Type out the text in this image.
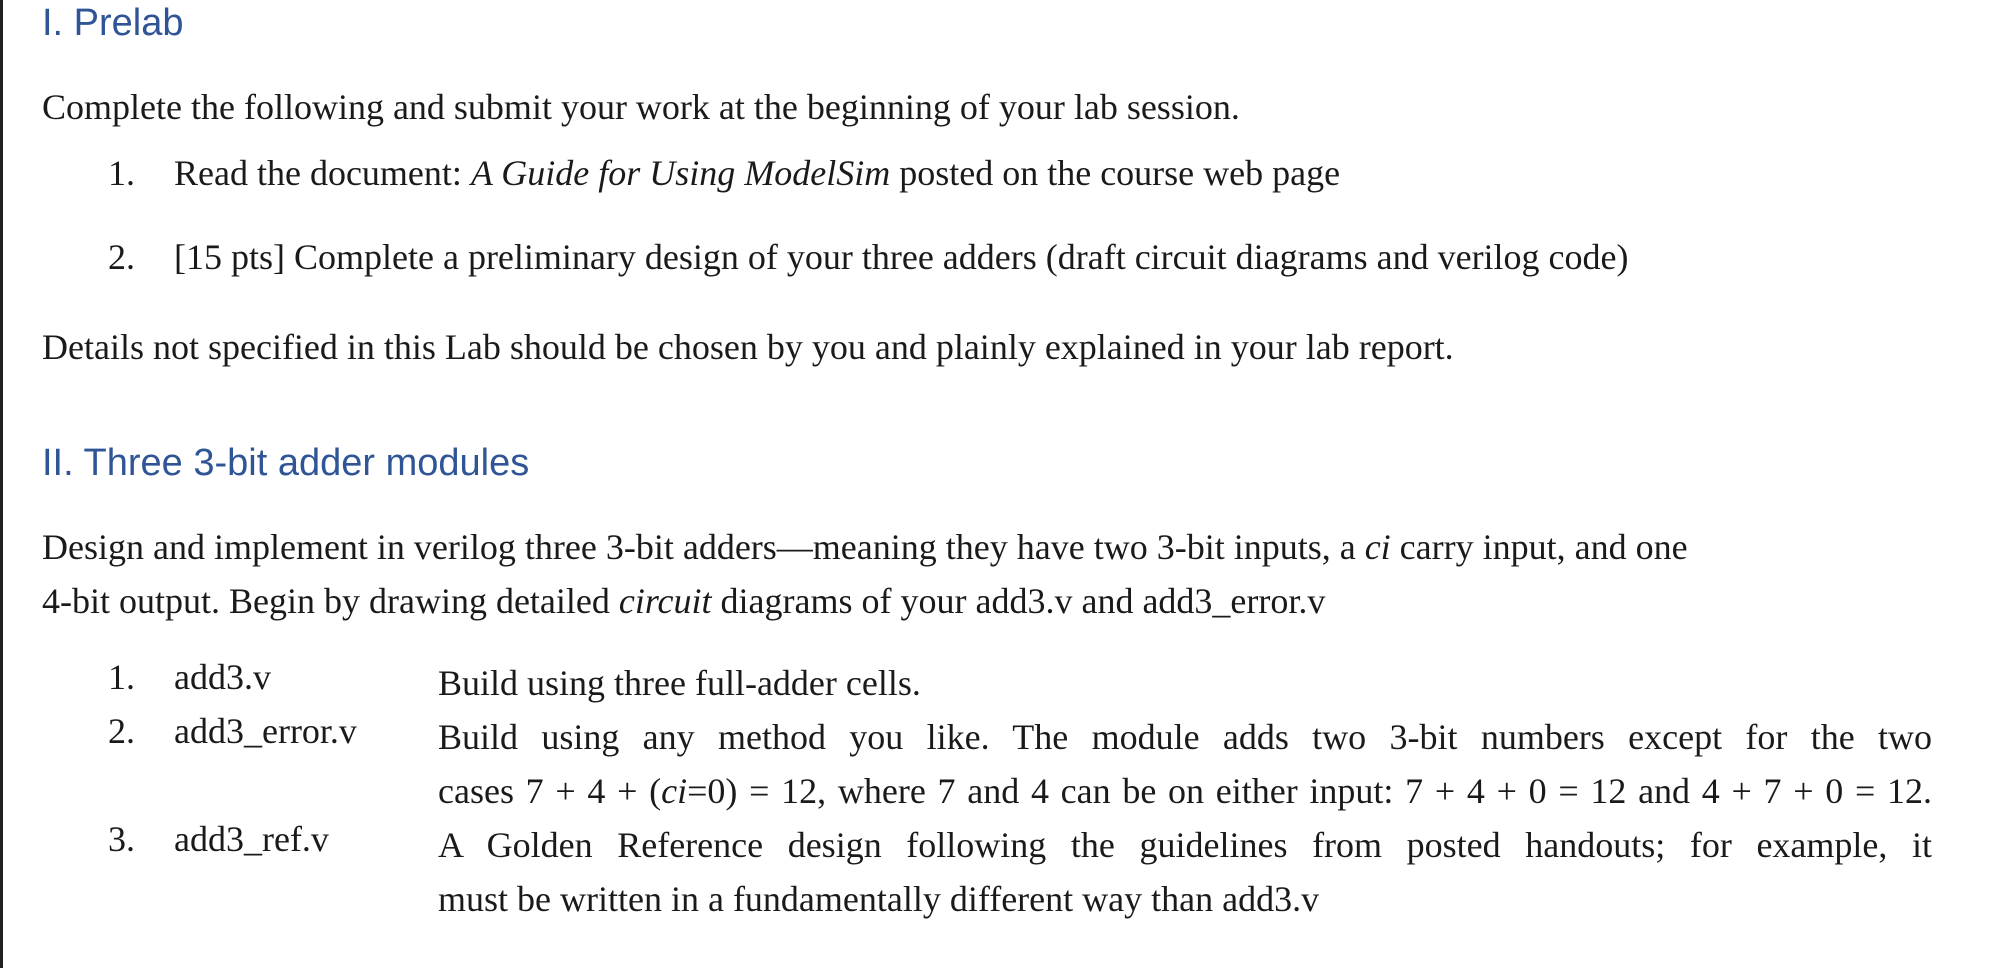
I. Prelab

Complete the following and submit your work at the beginning of your lab session.

1. Read the document: A Guide for Using ModelSim posted on the course web page
2. [15 pts] Complete a preliminary design of your three adders (draft circuit diagrams and verilog code)

Details not specified in this Lab should be chosen by you and plainly explained in your lab report.

II. Three 3-bit adder modules
Design and implement in verilog three 3-bit adders—meaning they have two 3-bit inputs, a ci carry input, and one
4-bit output. Begin by drawing detailed circuit diagrams of your add3.v and add3_error.v
1. add3.v	Build using three full-adder cells.
2. add3_error.v Build using any method you like. The module adds two 3-bit numbers except for the two
cases 7 + 4 + (ci=0) = 12, where 7 and 4 can be on either input: 7 + 4 + 0 = 12 and 4 + 7 + 0 = 12.
3. add3_ref.v	A Golden Reference design following the guidelines from posted handouts; for example, it
must be written in a fundamentally different way than add3.v
